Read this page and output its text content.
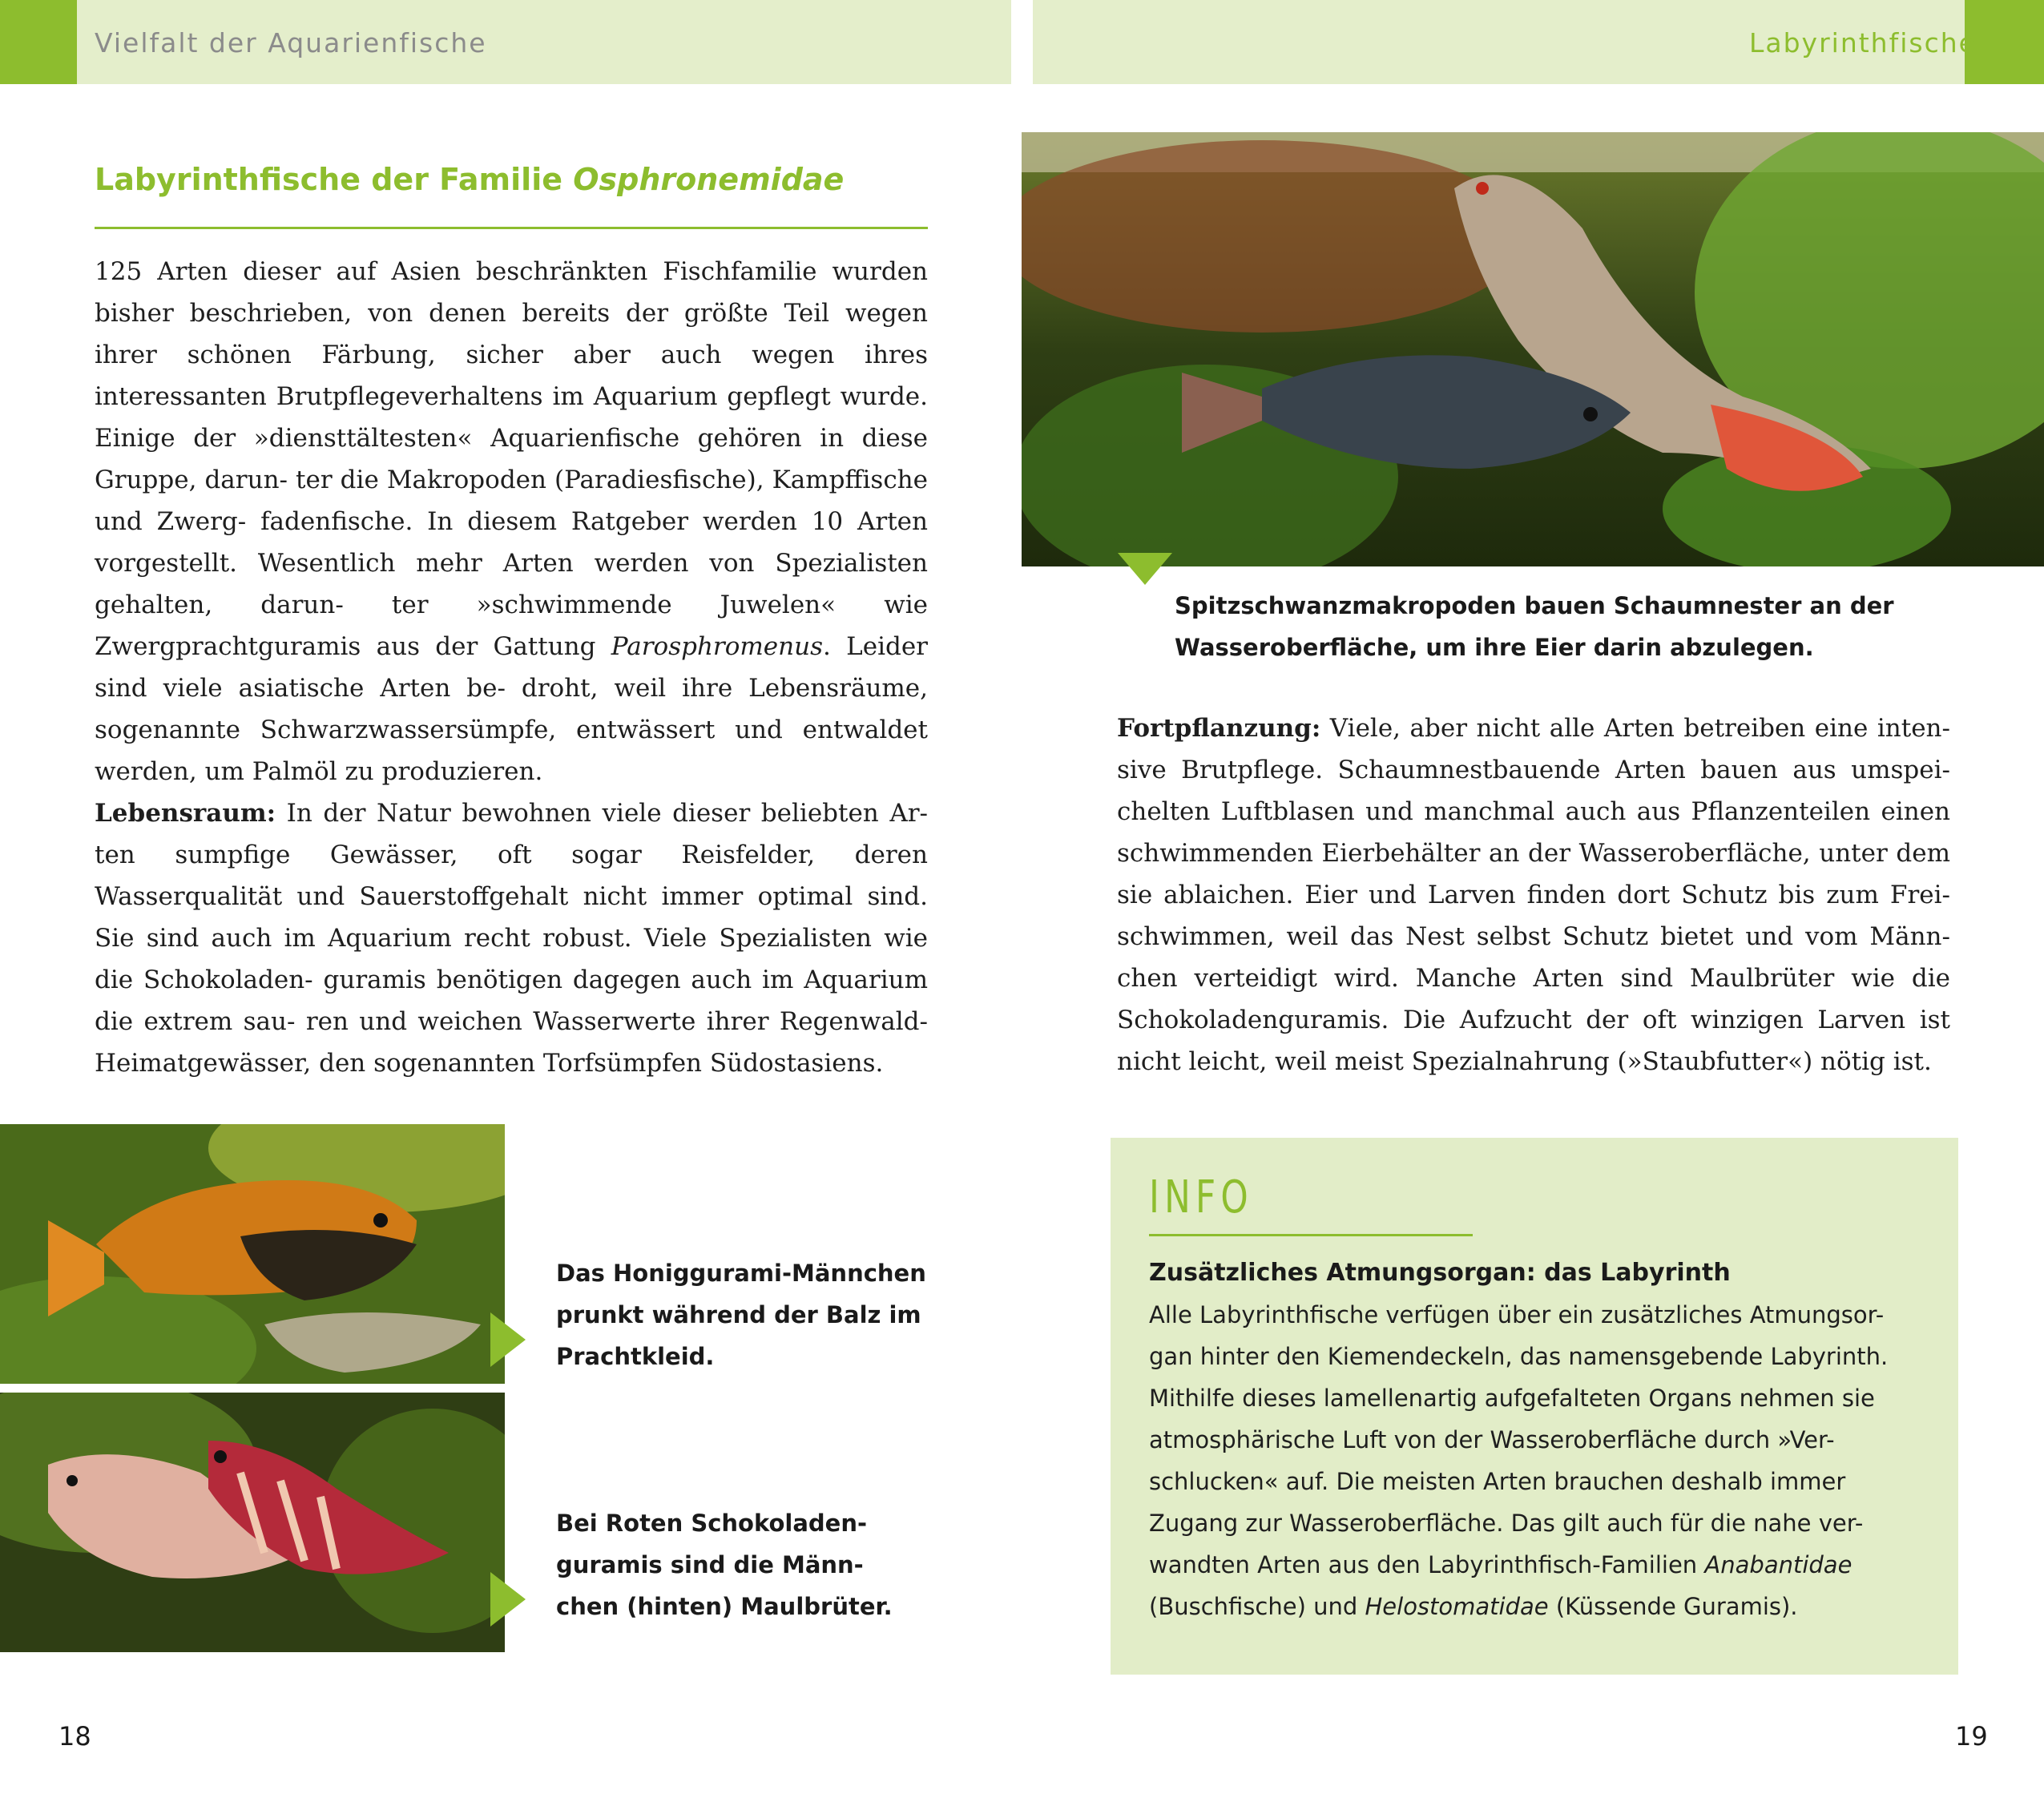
Vielfalt der Aquarienfische	Labyrinthfische
Labyrinthfische der Familie Osphronemidae

125 Arten dieser auf Asien beschränkten Fischfamilie wurden bisher beschrieben, von denen bereits der größte Teil wegen ihrer schönen Färbung, sicher aber auch wegen ihres interessanten Brutpflegeverhaltens im Aquarium gepflegt wurde. Einige der »diensttältesten« Aquarienfische gehören in diese Gruppe, darun- ter die Makropoden (Paradiesfische), Kampffische und Zwerg- fadenfische. In diesem Ratgeber werden 10 Arten vorgestellt. Wesentlich mehr Arten werden von Spezialisten gehalten, darun- ter »schwimmende Juwelen« wie Zwergprachtguramis aus der Gattung Parosphromenus. Leider sind viele asiatische Arten be- droht, weil ihre Lebensräume, sogenannte Schwarzwassersümpfe, entwässert und entwaldet werden, um Palmöl zu produzieren.

Lebensraum: In der Natur bewohnen viele dieser beliebten Ar- ten sumpfige Gewässer, oft sogar Reisfelder, deren Wasserqualität und Sauerstoffgehalt nicht immer optimal sind. Sie sind auch im Aquarium recht robust. Viele Spezialisten wie die Schokoladen- guramis benötigen dagegen auch im Aquarium die extrem sau- ren und weichen Wasserwerte ihrer Regenwald-Heimatgewässer, den sogenannten Torfsümpfen Südostasiens.

Spitzschwanzmakropoden bauen Schaumnester an der Wasseroberfläche, um ihre Eier darin abzulegen.

Fortpflanzung: Viele, aber nicht alle Arten betreiben eine inten- sive Brutpflege. Schaumnestbauende Arten bauen aus umspei- chelten Luftblasen und manchmal auch aus Pflanzenteilen einen schwimmenden Eierbehälter an der Wasseroberfläche, unter dem sie ablaichen. Eier und Larven finden dort Schutz bis zum Frei- schwimmen, weil das Nest selbst Schutz bietet und vom Männ- chen verteidigt wird. Manche Arten sind Maulbrüter wie die Schokoladenguramis. Die Aufzucht der oft winzigen Larven ist nicht leicht, weil meist Spezialnahrung (»Staubfutter«) nötig ist.

Das Honiggurami-Männchen prunkt während der Balz im Prachtkleid.

Bei Roten Schokoladen- guramis sind die Männ- chen (hinten) Maulbrüter.

INFO

Zusätzliches Atmungsorgan: das Labyrinth

Alle Labyrinthfische verfügen über ein zusätzliches Atmungsor- gan hinter den Kiemendeckeln, das namensgebende Labyrinth. Mithilfe dieses lamellenartig aufgefalteten Organs nehmen sie atmosphärische Luft von der Wasseroberfläche durch »Ver- schlucken« auf. Die meisten Arten brauchen deshalb immer Zugang zur Wasseroberfläche. Das gilt auch für die nahe ver- wandten Arten aus den Labyrinthfisch-Familien Anabantidae (Buschfische) und Helostomatidae (Küssende Guramis).

18	19
